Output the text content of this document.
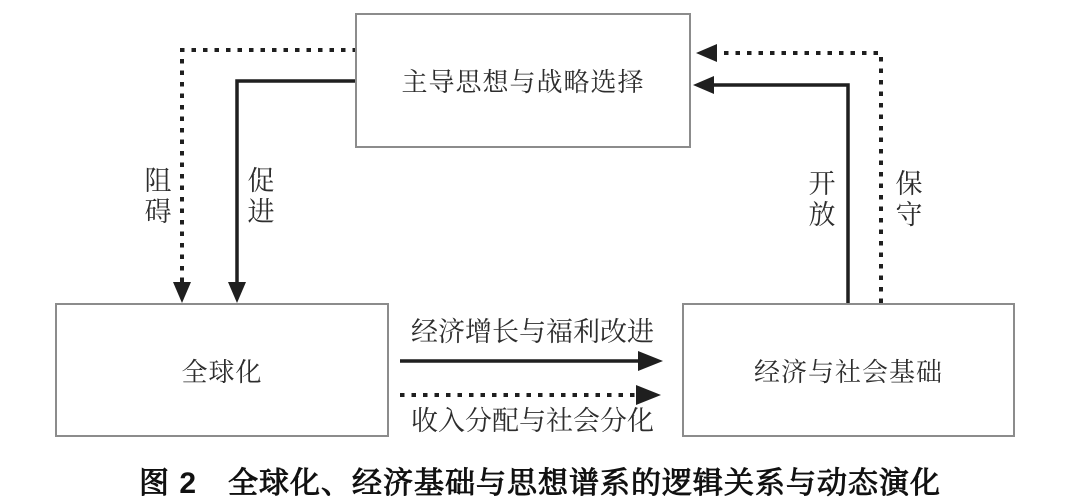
主导思想与战略选择
全球化	经济与社会基础
阻碍
促进
开放
保守
经济增长与福利改进
收入分配与社会分化
图 2　全球化、经济基础与思想谱系的逻辑关系与动态演化
